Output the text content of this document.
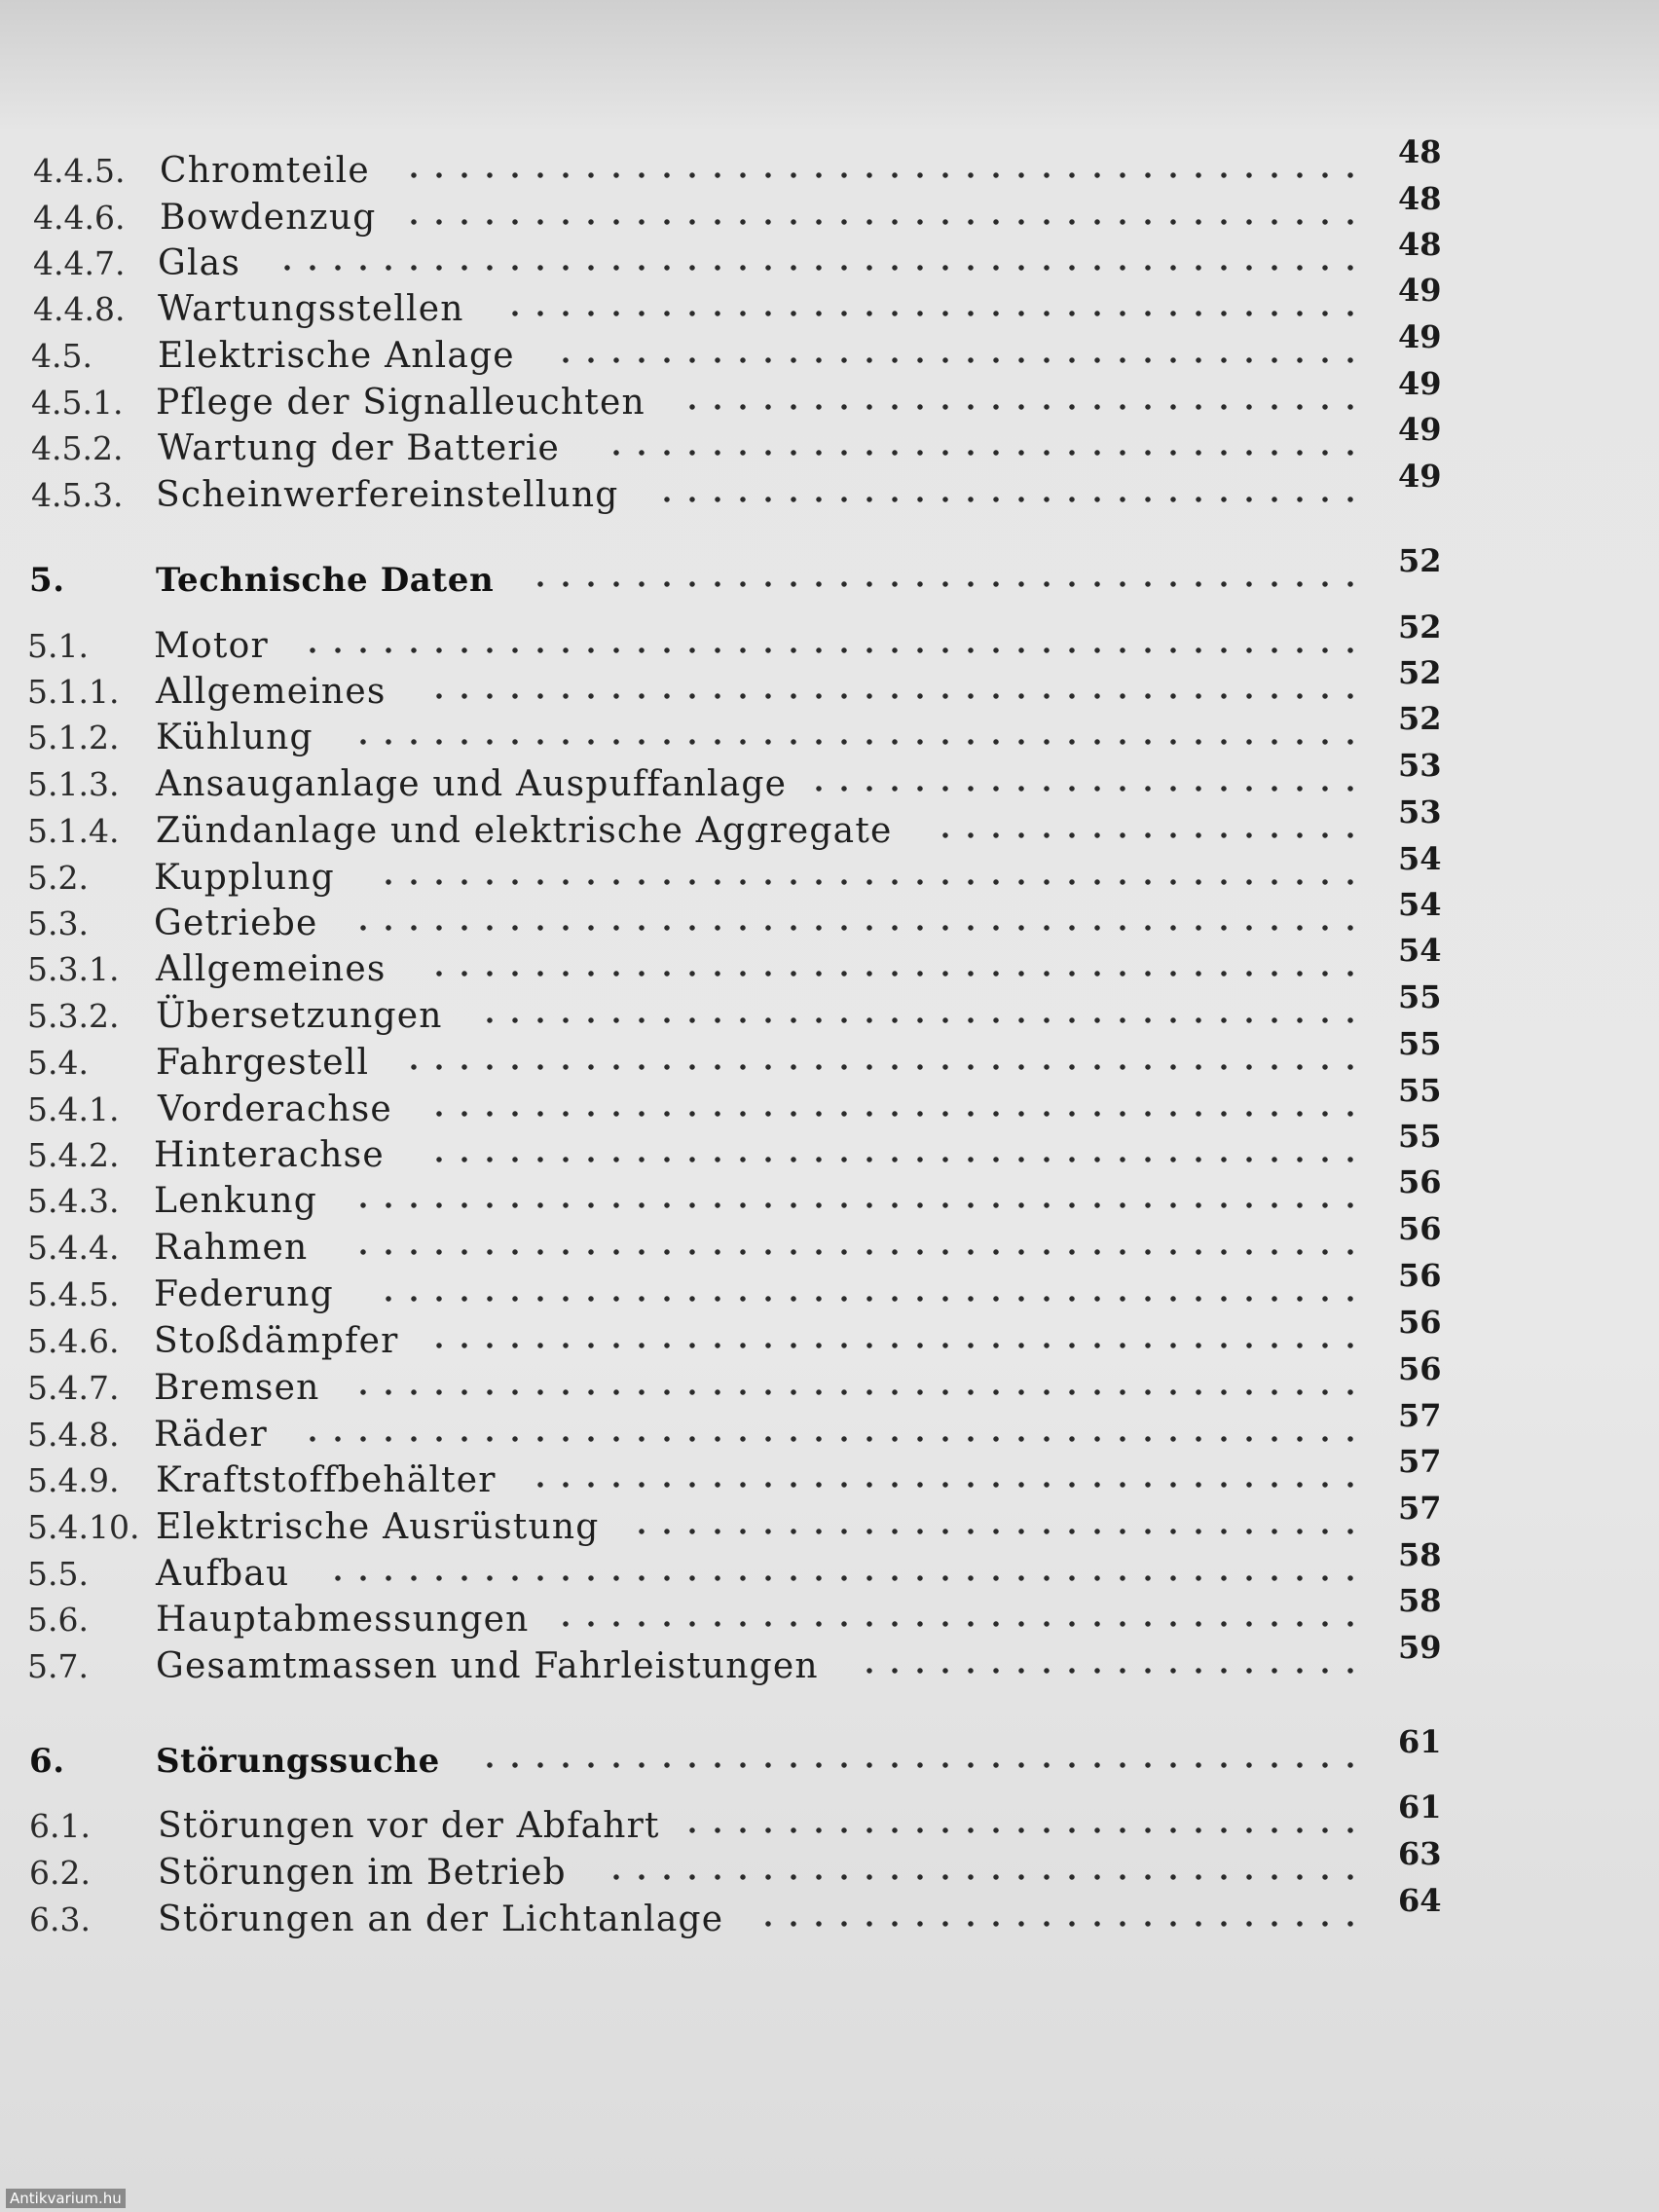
4.4.5. Chromteile	48
4.4.6. Bowdenzug	48
4.4.7. Glas	48
4.4.8. Wartungsstellen	49
4.5. Elektrische Anlage	49
4.5.1. Pflege der Signalleuchten	49
4.5.2. Wartung der Batterie	49
4.5.3. Scheinwerfereinstellung	49
5.	Technische Daten	52
5.1. Motor	52
5.1.1. Allgemeines	52
5.1.2. Kühlung	52
5.1.3. Ansauganlage und Auspuffanlage	53
5.1.4. Zündanlage und elektrische Aggregate	53
5.2. Kupplung	54
5.3. Getriebe	54
5.3.1. Allgemeines	54
5.3.2. Übersetzungen	55
5.4. Fahrgestell	55
5.4.1. Vorderachse	55
5.4.2. Hinterachse	55
5.4.3. Lenkung	56
5.4.4. Rahmen	56
5.4.5. Federung	56
5.4.6. Stoßdämpfer	56
5.4.7. Bremsen	56
5.4.8. Räder	57
5.4.9. Kraftstoffbehälter	57
5.4.10. Elektrische Ausrüstung	57
5.5. Aufbau	58
5.6. Hauptabmessungen	58
5.7. Gesamtmassen und Fahrleistungen	59
6.	Störungssuche	61
6.1. Störungen vor der Abfahrt	61
6.2. Störungen im Betrieb	63
6.3. Störungen an der Lichtanlage	64
Antikvarium.hu
